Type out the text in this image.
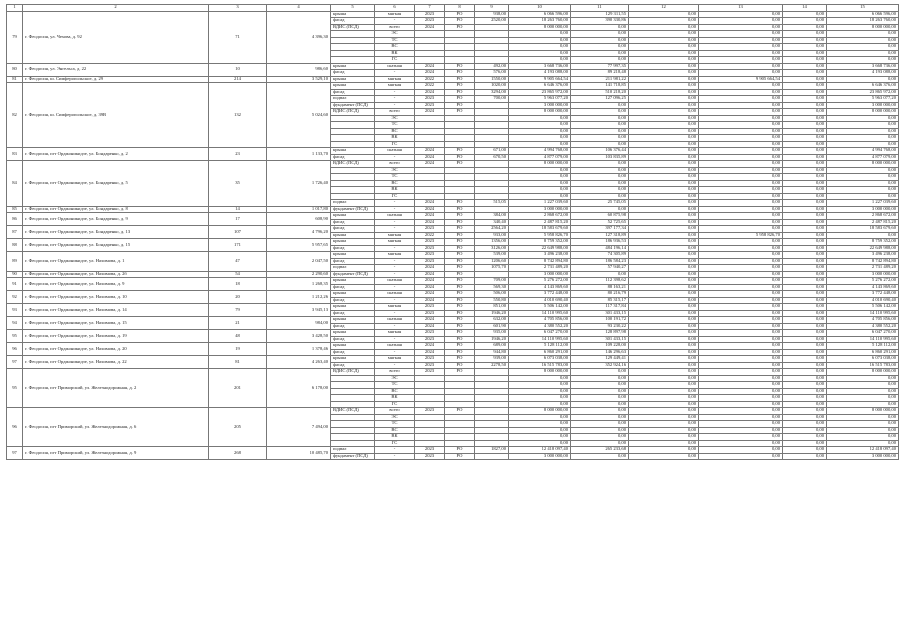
1	2	3	4	5	6	7	8	9	10	11	12	13	14	15
79	г. Феодосия, ул. Чехова, д. 92	71	4 396,30	крыша	мягкая	2023	РО	938,00	6 066 596,00	129 311,55	0,00	0,00	0,00	6 066 596,00
				фасад	-	2023	РО	2520,00	18 263 760,00	390 330,86	0,00	0,00	0,00	18 263 760,00
				ВДИС (ПСД)	всего	2024	РО		8 000 000,00	0,00	0,00	0,00	0,00	8 000 000,00
					ЭС				0,00	0,00	0,00	0,00	0,00	0,00
					ТС				0,00	0,00	0,00	0,00	0,00	0,00
					ВС				0,00	0,00	0,00	0,00	0,00	0,00
					ВК				0,00	0,00	0,00	0,00	0,00	0,00
					ГС				0,00	0,00	0,00	0,00	0,00	0,00
80	г. Феодосия, ул. Энгельса, д. 22	10	986,60	крыша	скатная	2024	РО	492,00	3 668 736,00	77 997,35	0,00	0,00	0,00	3 668 736,00
				фасад	-	2024	РО	576,00	4 193 088,00	89 218,48	0,00	0,00	0,00	4 193 088,00
81	г. Феодосия, ш. Симферопольское, д. 29	214	3 529,10	крыша	мягкая	2022	РО	1550,00	9 905 664,54	211 981,22	0,00	9 905 664,54	0,00	0,00
82	г. Феодосия, ш. Симферопольское, д. 39В	132	5 024,60	крыша	мягкая	2022	РО	1020,00	6 646 376,00	141 718,85	0,00	0,00	0,00	6 646 376,00
				фасад	-	2024	РО	3294,00	23 865 972,00	510 218,20	0,00	0,00	0,00	23 865 972,00
				подвал	-	2023	РО	700,00	5 963 077,20	127 096,25	0,00	0,00	0,00	5 963 077,20
				фундамент (ПСД)	-	2023	РО		3 000 000,00	0,00	0,00	0,00	0,00	3 000 000,00
				ВДИС (ПСД)	всего	2024	РО		8 000 000,00	0,00	0,00	0,00	0,00	8 000 000,00
					ЭС				0,00	0,00	0,00	0,00	0,00	0,00
					ТС				0,00	0,00	0,00	0,00	0,00	0,00
					ВС				0,00	0,00	0,00	0,00	0,00	0,00
					ВК				0,00	0,00	0,00	0,00	0,00	0,00
					ГС				0,00	0,00	0,00	0,00	0,00	0,00
83	г. Феодосия, пгт Орджоникидзе, ул. Бондаренко, д. 2	23	1 133,70	крыша	скатная	2024	РО	671,00	4 994 768,00	106 376,44	0,00	0,00	0,00	4 994 768,00
				фасад	-	2024	РО	670,50	4 877 079,00	103 835,89	0,00	0,00	0,00	4 877 079,00
84	г. Феодосия, пгт Орджоникидзе, ул. Бондаренко, д. 5	35	1 726,40	ВДИС (ПСД)	всего	2024	РО		8 000 000,00	0,00	0,00	0,00	0,00	8 000 000,00
					ЭС				0,00	0,00	0,00	0,00	0,00	0,00
					ТС				0,00	0,00	0,00	0,00	0,00	0,00
					ВС				0,00	0,00	0,00	0,00	0,00	0,00
					ВК				0,00	0,00	0,00	0,00	0,00	0,00
					ГС				0,00	0,00	0,00	0,00	0,00	0,00
				подвал	-	2024	РО	515,05	1 227 039,60	25 745,05	0,00	0,00	0,00	1 227 039,60
85	г. Феодосия, пгт Орджоникидзе, ул. Бондаренко, д. 8	14	1 017,80	фундамент (ПСД)	-	2024	РО		3 000 000,00	0,00	0,00	0,00	0,00	3 000 000,00
86	г. Феодосия, пгт Орджоникидзе, ул. Бондаренко, д. 9	17	608,90	крыша	скатная	2024	РО	384,00	2 868 672,00	60 875,98	0,00	0,00	0,00	2 868 672,00
				фасад	-	2024	РО	340,40	2 487 815,20	52 725,65	0,00	0,00	0,00	2 487 815,20
87	г. Феодосия, пгт Орджоникидзе, ул. Бондаренко, д. 13	107	4 796,20	фасад	-	2023	РО	2564,20	18 583 679,60	397 177,34	0,00	0,00	0,00	18 583 679,60
				крыша	мягкая	2022	РО	933,00	5 958 826,70	127 318,89	0,00	5 958 826,70	0,00	0,00
88	г. Феодосия, пгт Орджоникидзе, ул. Бондаренко, д. 15	171	5 957,65	крыша	мягкая	2023	РО	1356,00	8 759 352,00	186 936,53	0,00	0,00	0,00	8 759 352,00
				фасад	-	2023	РО	3126,00	22 649 988,00	484 196,14	0,00	0,00	0,00	22 649 988,00
89	г. Феодосия, пгт Орджоникидзе, ул. Нахимова, д. 1	47	2 047,50	крыша	мягкая	2023	РО	539,00	3 496 238,00	74 305,89	0,00	0,00	0,00	3 496 238,00
				фасад	-	2023	РО	1206,60	8 742 894,80	186 584,23	0,00	0,00	0,00	8 742 894,80
				подвал	-	2024	РО	1075,70	2 731 489,20	57 940,27	0,00	0,00	0,00	2 731 489,20
90	г. Феодосия, пгт Орджоникидзе, ул. Нахимова, д. 2б	54	2 290,60	фундамент (ПСД)	-	2024	РО		3 000 000,00	0,00	0,00	0,00	0,00	3 000 000,00
91	г. Феодосия, пгт Орджоникидзе, ул. Нахимова, д. 9	18	1 268,35	крыша	скатная	2024	РО	709,00	5 276 272,00	112 398,62	0,00	0,00	0,00	5 276 272,00
				фасад	-	2024	РО	569,30	4 143 869,60	88 163,21	0,00	0,00	0,00	4 143 869,60
92	г. Феодосия, пгт Орджоникидзе, ул. Нахимова, д. 10	20	1 212,26	крыша	скатная	2024	РО	506,00	3 772 448,00	80 216,79	0,00	0,00	0,00	3 772 448,00
				фасад	-	2024	РО	550,80	4 010 690,40	85 315,17	0,00	0,00	0,00	4 010 690,40
93	г. Феодосия, пгт Орджоникидзе, ул. Нахимова, д. 14	79	3 945,13	крыша	мягкая	2023	РО	851,00	5 506 142,00	117 317,84	0,00	0,00	0,00	5 506 142,00
				фасад	-	2023	РО	1946,20	14 110 995,60	301 433,15	0,00	0,00	0,00	14 110 995,60
94	г. Феодосия, пгт Орджоникидзе, ул. Нахимова, д. 15	21	984,00	крыша	скатная	2024	РО	632,00	4 705 856,00	100 191,72	0,00	0,00	0,00	4 705 856,00
				фасад	-	2024	РО	601,90	4 380 552,20	93 230,22	0,00	0,00	0,00	4 380 552,20
95	г. Феодосия, пгт Орджоникидзе, ул. Нахимова, д. 19	48	3 428,50	крыша	мягкая	2023	РО	935,00	6 047 270,00	128 897,98	0,00	0,00	0,00	6 047 270,00
				фасад	-	2023	РО	1946,20	14 110 995,60	301 433,15	0,00	0,00	0,00	14 110 995,60
96	г. Феодосия, пгт Орджоникидзе, ул. Нахимова, д. 20	19	1 378,46	крыша	скатная	2024	РО	689,00	5 128 112,00	109 228,00	0,00	0,00	0,00	5 128 112,00
				фасад	-	2024	РО	944,80	6 860 291,00	146 296,63	0,00	0,00	0,00	6 860 291,00
97	г. Феодосия, пгт Орджоникидзе, ул. Нахимова, д. 22	81	4 263,40	крыша	мягкая	2023	РО	939,00	6 073 038,00	129 449,41	0,00	0,00	0,00	6 073 038,00
				фасад	-	2023	РО	2278,50	16 515 783,00	352 924,16	0,00	0,00	0,00	16 515 783,00
95	г. Феодосия, пгт Приморский, ул. Железнодорожная, д. 2	201	6 178,00	ВДИС (ПСД)	всего	2023	РО		8 000 000,00	0,00	0,00	0,00	0,00	8 000 000,00
					ЭС				0,00	0,00	0,00	0,00	0,00	0,00
					ТС				0,00	0,00	0,00	0,00	0,00	0,00
					ВС				0,00	0,00	0,00	0,00	0,00	0,00
					ВК				0,00	0,00	0,00	0,00	0,00	0,00
					ГС				0,00	0,00	0,00	0,00	0,00	0,00
96	г. Феодосия, пгт Приморский, ул. Железнодорожная, д. 6	205	7 494,00	ВДИС (ПСД)	всего	2023	РО		8 000 000,00	0,00	0,00	0,00	0,00	8 000 000,00
					ЭС				0,00	0,00	0,00	0,00	0,00	0,00
					ТС				0,00	0,00	0,00	0,00	0,00	0,00
					ВС				0,00	0,00	0,00	0,00	0,00	0,00
					ВК				0,00	0,00	0,00	0,00	0,00	0,00
					ГС				0,00	0,00	0,00	0,00	0,00	0,00
97	г. Феодосия, пгт Приморский, ул. Железнодорожная, д. 9	268	10 485,70	подвал	-	2023	РО	1827,00	12 418 097,40	265 233,68	0,00	0,00	0,00	12 418 097,40
				фундамент (ПСД)	-	2023	РО		3 000 000,00	0,00	0,00	0,00	0,00	3 000 000,00
